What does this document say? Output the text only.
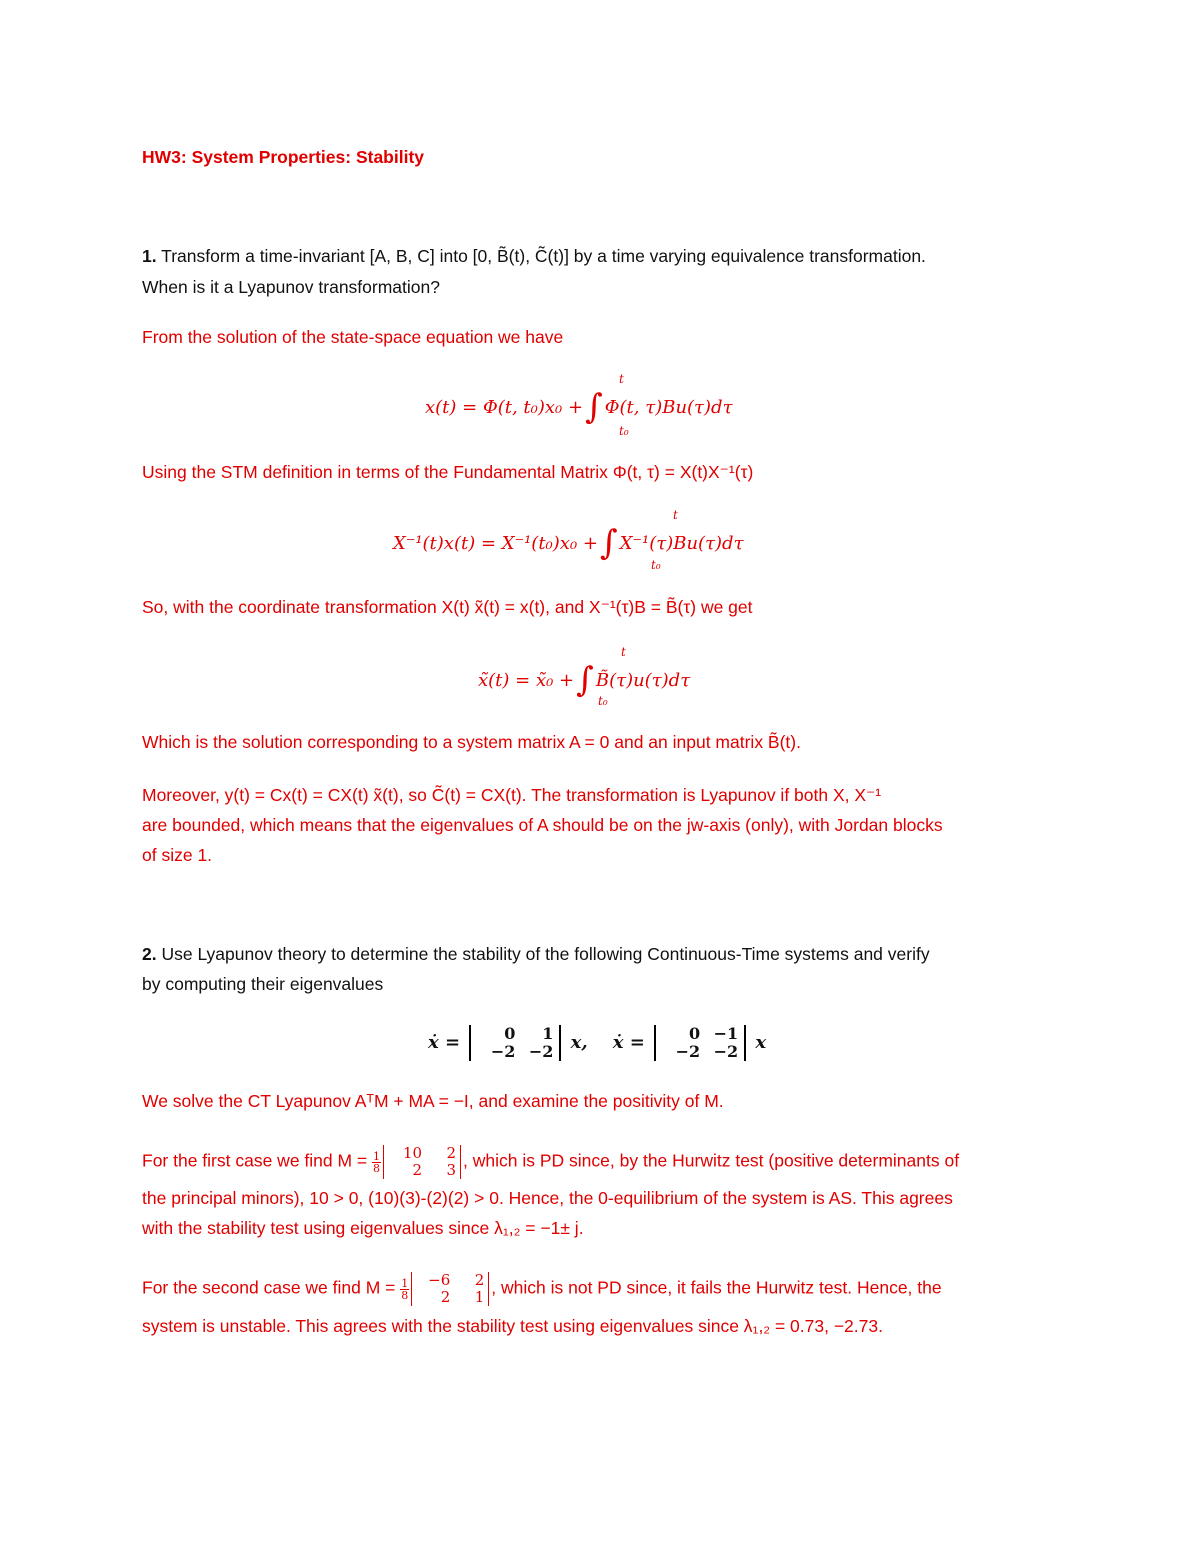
HW3: System Properties: Stability
1. Transform a time-invariant [A, B, C] into [0, B̃(t), C̃(t)] by a time varying equivalence transformation.
When is it a Lyapunov transformation?
From the solution of the state-space equation we have
x(t) = Φ(t, t₀)x₀ +∫ Φ(t, τ)Bu(τ)dτ
t
t₀
Using the STM definition in terms of the Fundamental Matrix Φ(t, τ) = X(t)X⁻¹(τ)
X⁻¹(t)x(t) = X⁻¹(t₀)x₀ +∫ X⁻¹(τ)Bu(τ)dτ
t
t₀
So, with the coordinate transformation X(t) x̃(t) = x(t), and X⁻¹(τ)B = B̃(τ) we get
x̃(t) = x̃₀ +∫ B̃(τ)u(τ)dτ
t
t₀
Which is the solution corresponding to a system matrix A = 0 and an input matrix B̃(t).
Moreover, y(t) = Cx(t) = CX(t) x̃(t), so C̃(t) = CX(t). The transformation is Lyapunov if both X, X⁻¹
are bounded, which means that the eigenvalues of A should be on the jw-axis (only), with Jordan blocks
of size 1.
2. Use Lyapunov theory to determine the stability of the following Continuous-Time systems and verify
by computing their eigenvalues
ẋ =	0 1
−2 −2 x, ẋ =	0 −1
−2 −2 x
We solve the CT Lyapunov AᵀM + MA = −I, and examine the positivity of M.
For the first case we find $M = \frac{1}{8} 10$ 2
2 3 , which is PD since, by the Hurwitz test (positive determinants of
the principal minors), 10 > 0, (10)(3)-(2)(2) > 0. Hence, the 0-equilibrium of the system is AS. This agrees
with the stability test using eigenvalues since λ₁,₂ = −1± j.
For the second case we find $M = \frac{1}{8} -6$ 2
2 1 , which is not PD since, it fails the Hurwitz test. Hence, the
system is unstable. This agrees with the stability test using eigenvalues since λ₁,₂ = 0.73, −2.73.
